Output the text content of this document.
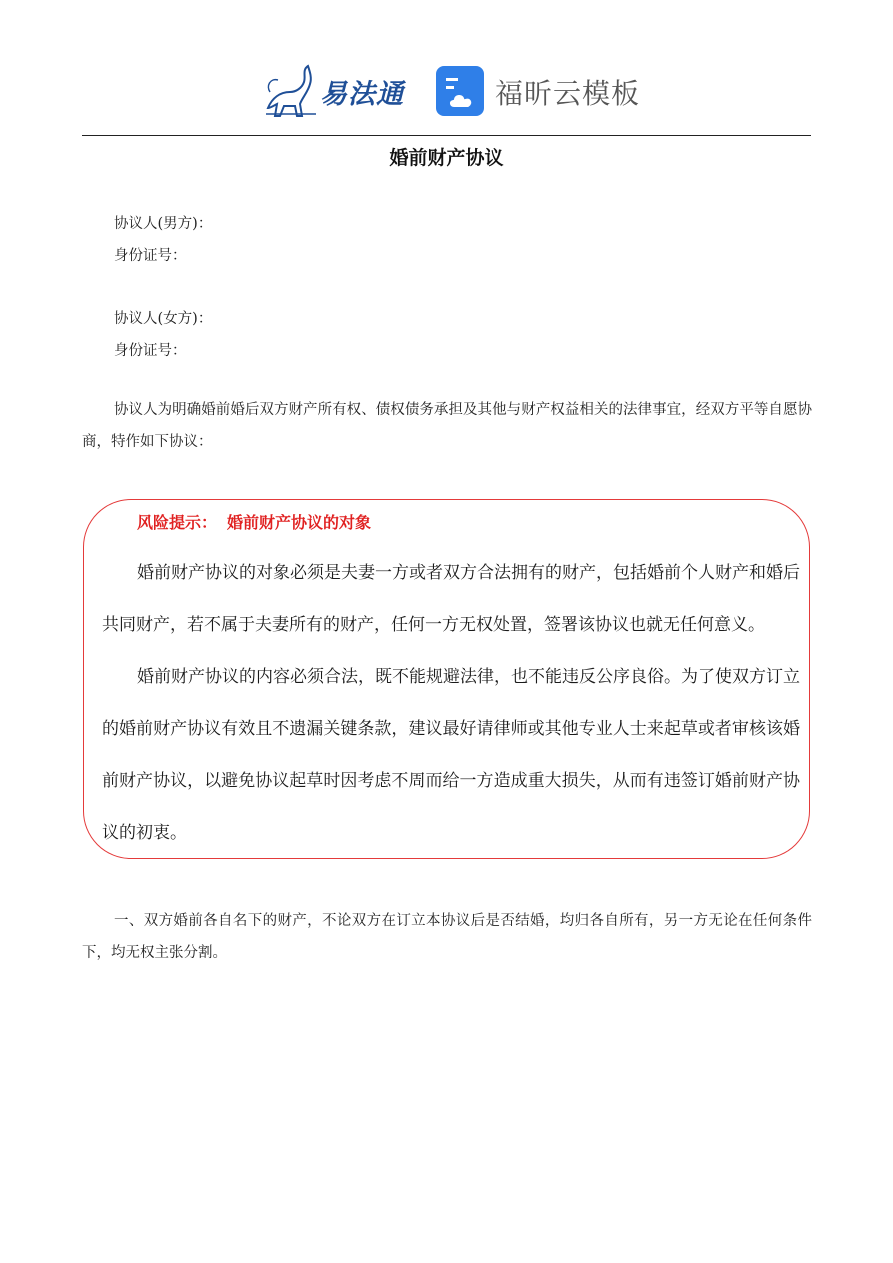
易法通	福昕云模板
婚前财产协议
协议人(男方)：
身份证号：
协议人(女方)：
身份证号：
协议人为明确婚前婚后双方财产所有权、债权债务承担及其他与财产权益相关的法律事宜，经双方平等自愿协商，特作如下协议：
风险提示： 婚前财产协议的对象
婚前财产协议的对象必须是夫妻一方或者双方合法拥有的财产，包括婚前个人财产和婚后共同财产，若不属于夫妻所有的财产，任何一方无权处置，签署该协议也就无任何意义。
婚前财产协议的内容必须合法，既不能规避法律，也不能违反公序良俗。为了使双方订立的婚前财产协议有效且不遗漏关键条款，建议最好请律师或其他专业人士来起草或者审核该婚前财产协议，以避免协议起草时因考虑不周而给一方造成重大损失，从而有违签订婚前财产协议的初衷。
一、双方婚前各自名下的财产，不论双方在订立本协议后是否结婚，均归各自所有，另一方无论在任何条件下，均无权主张分割。
